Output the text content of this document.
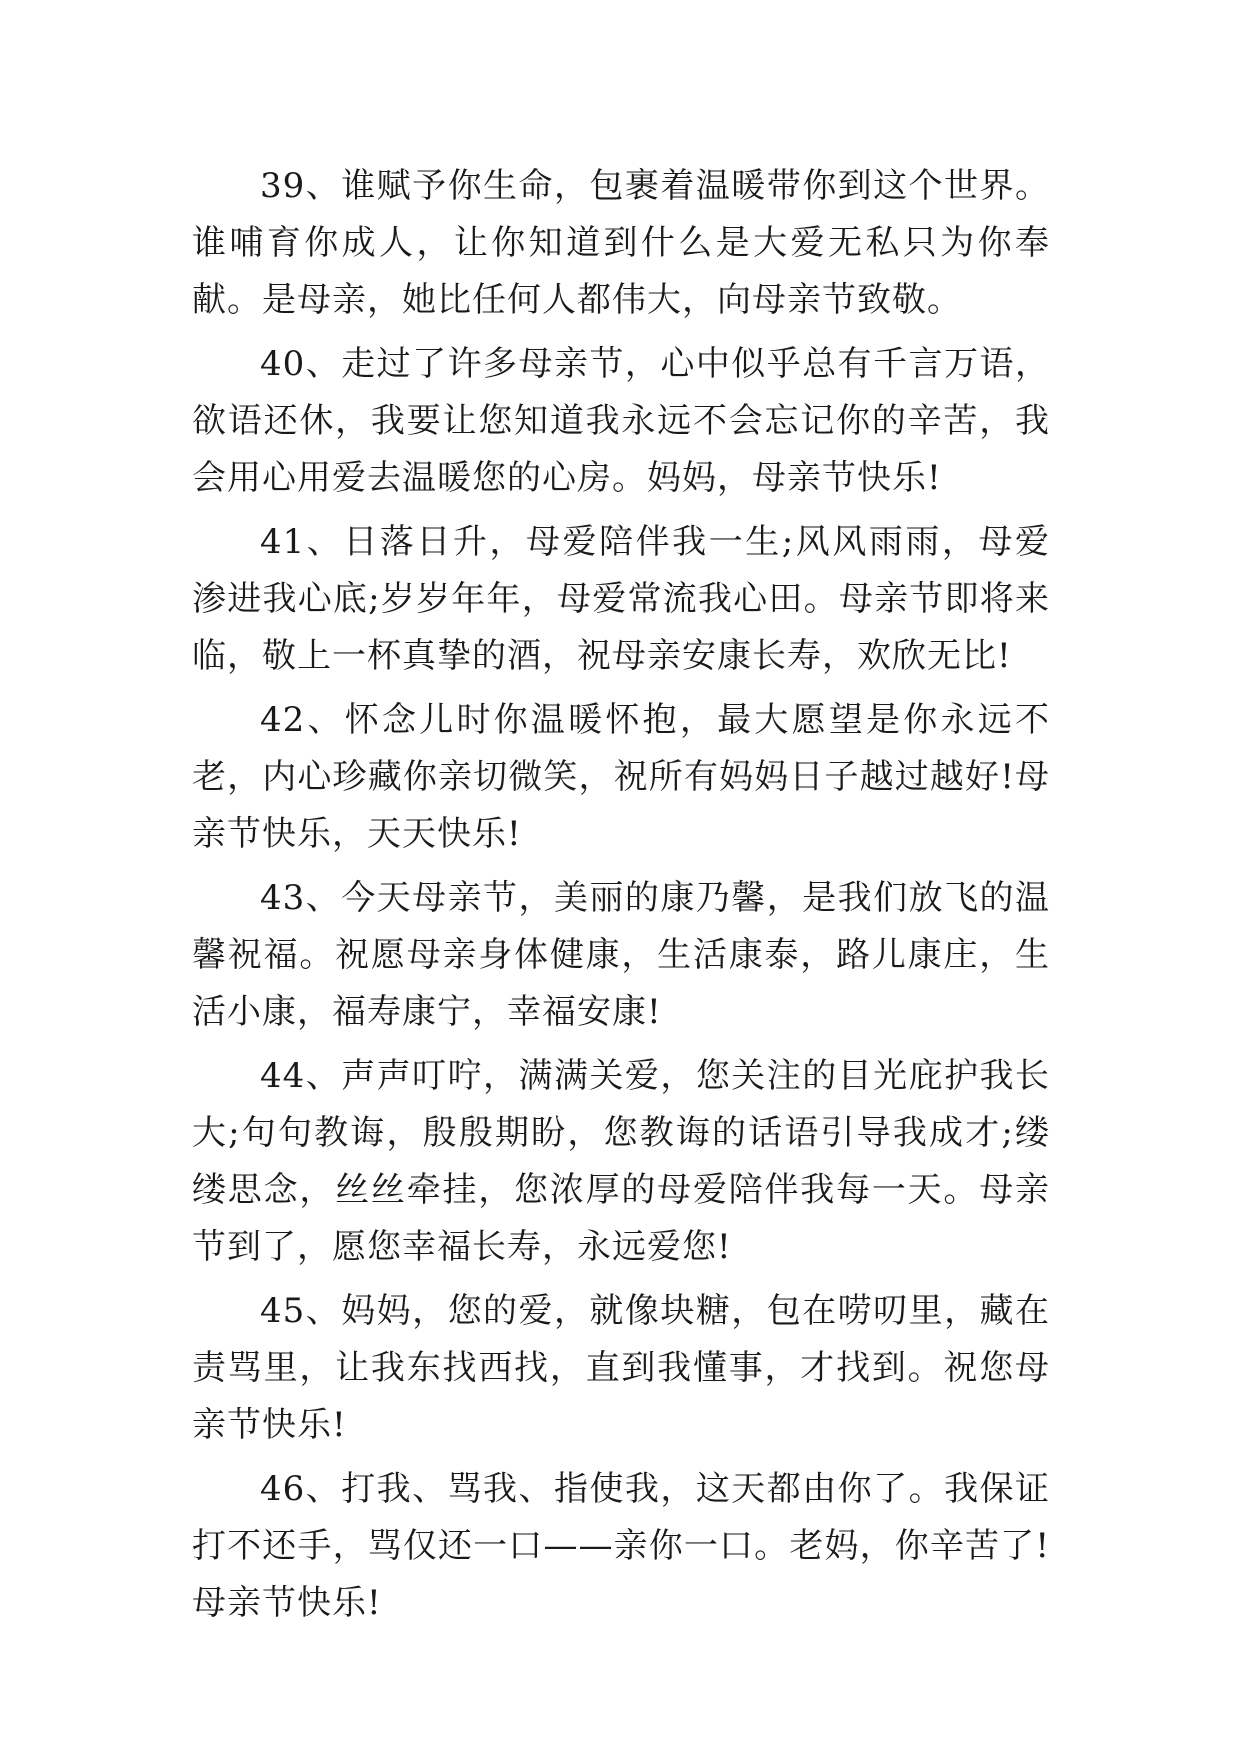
39、谁赋予你生命，包裹着温暖带你到这个世界。谁哺育你成人，让你知道到什么是大爱无私只为你奉献。是母亲，她比任何人都伟大，向母亲节致敬。

40、走过了许多母亲节，心中似乎总有千言万语，欲语还休，我要让您知道我永远不会忘记你的辛苦，我会用心用爱去温暖您的心房。妈妈，母亲节快乐!

41、日落日升，母爱陪伴我一生;风风雨雨，母爱渗进我心底;岁岁年年，母爱常流我心田。母亲节即将来临，敬上一杯真挚的酒，祝母亲安康长寿，欢欣无比!

42、怀念儿时你温暖怀抱，最大愿望是你永远不老，内心珍藏你亲切微笑，祝所有妈妈日子越过越好!母亲节快乐，天天快乐!

43、今天母亲节，美丽的康乃馨，是我们放飞的温馨祝福。祝愿母亲身体健康，生活康泰，路儿康庄，生活小康，福寿康宁，幸福安康!

44、声声叮咛，满满关爱，您关注的目光庇护我长大;句句教诲，殷殷期盼，您教诲的话语引导我成才;缕缕思念，丝丝牵挂，您浓厚的母爱陪伴我每一天。母亲节到了，愿您幸福长寿，永远爱您!

45、妈妈，您的爱，就像块糖，包在唠叨里，藏在责骂里，让我东找西找，直到我懂事，才找到。祝您母亲节快乐!

46、打我、骂我、指使我，这天都由你了。我保证打不还手，骂仅还一口——亲你一口。老妈，你辛苦了!母亲节快乐!
